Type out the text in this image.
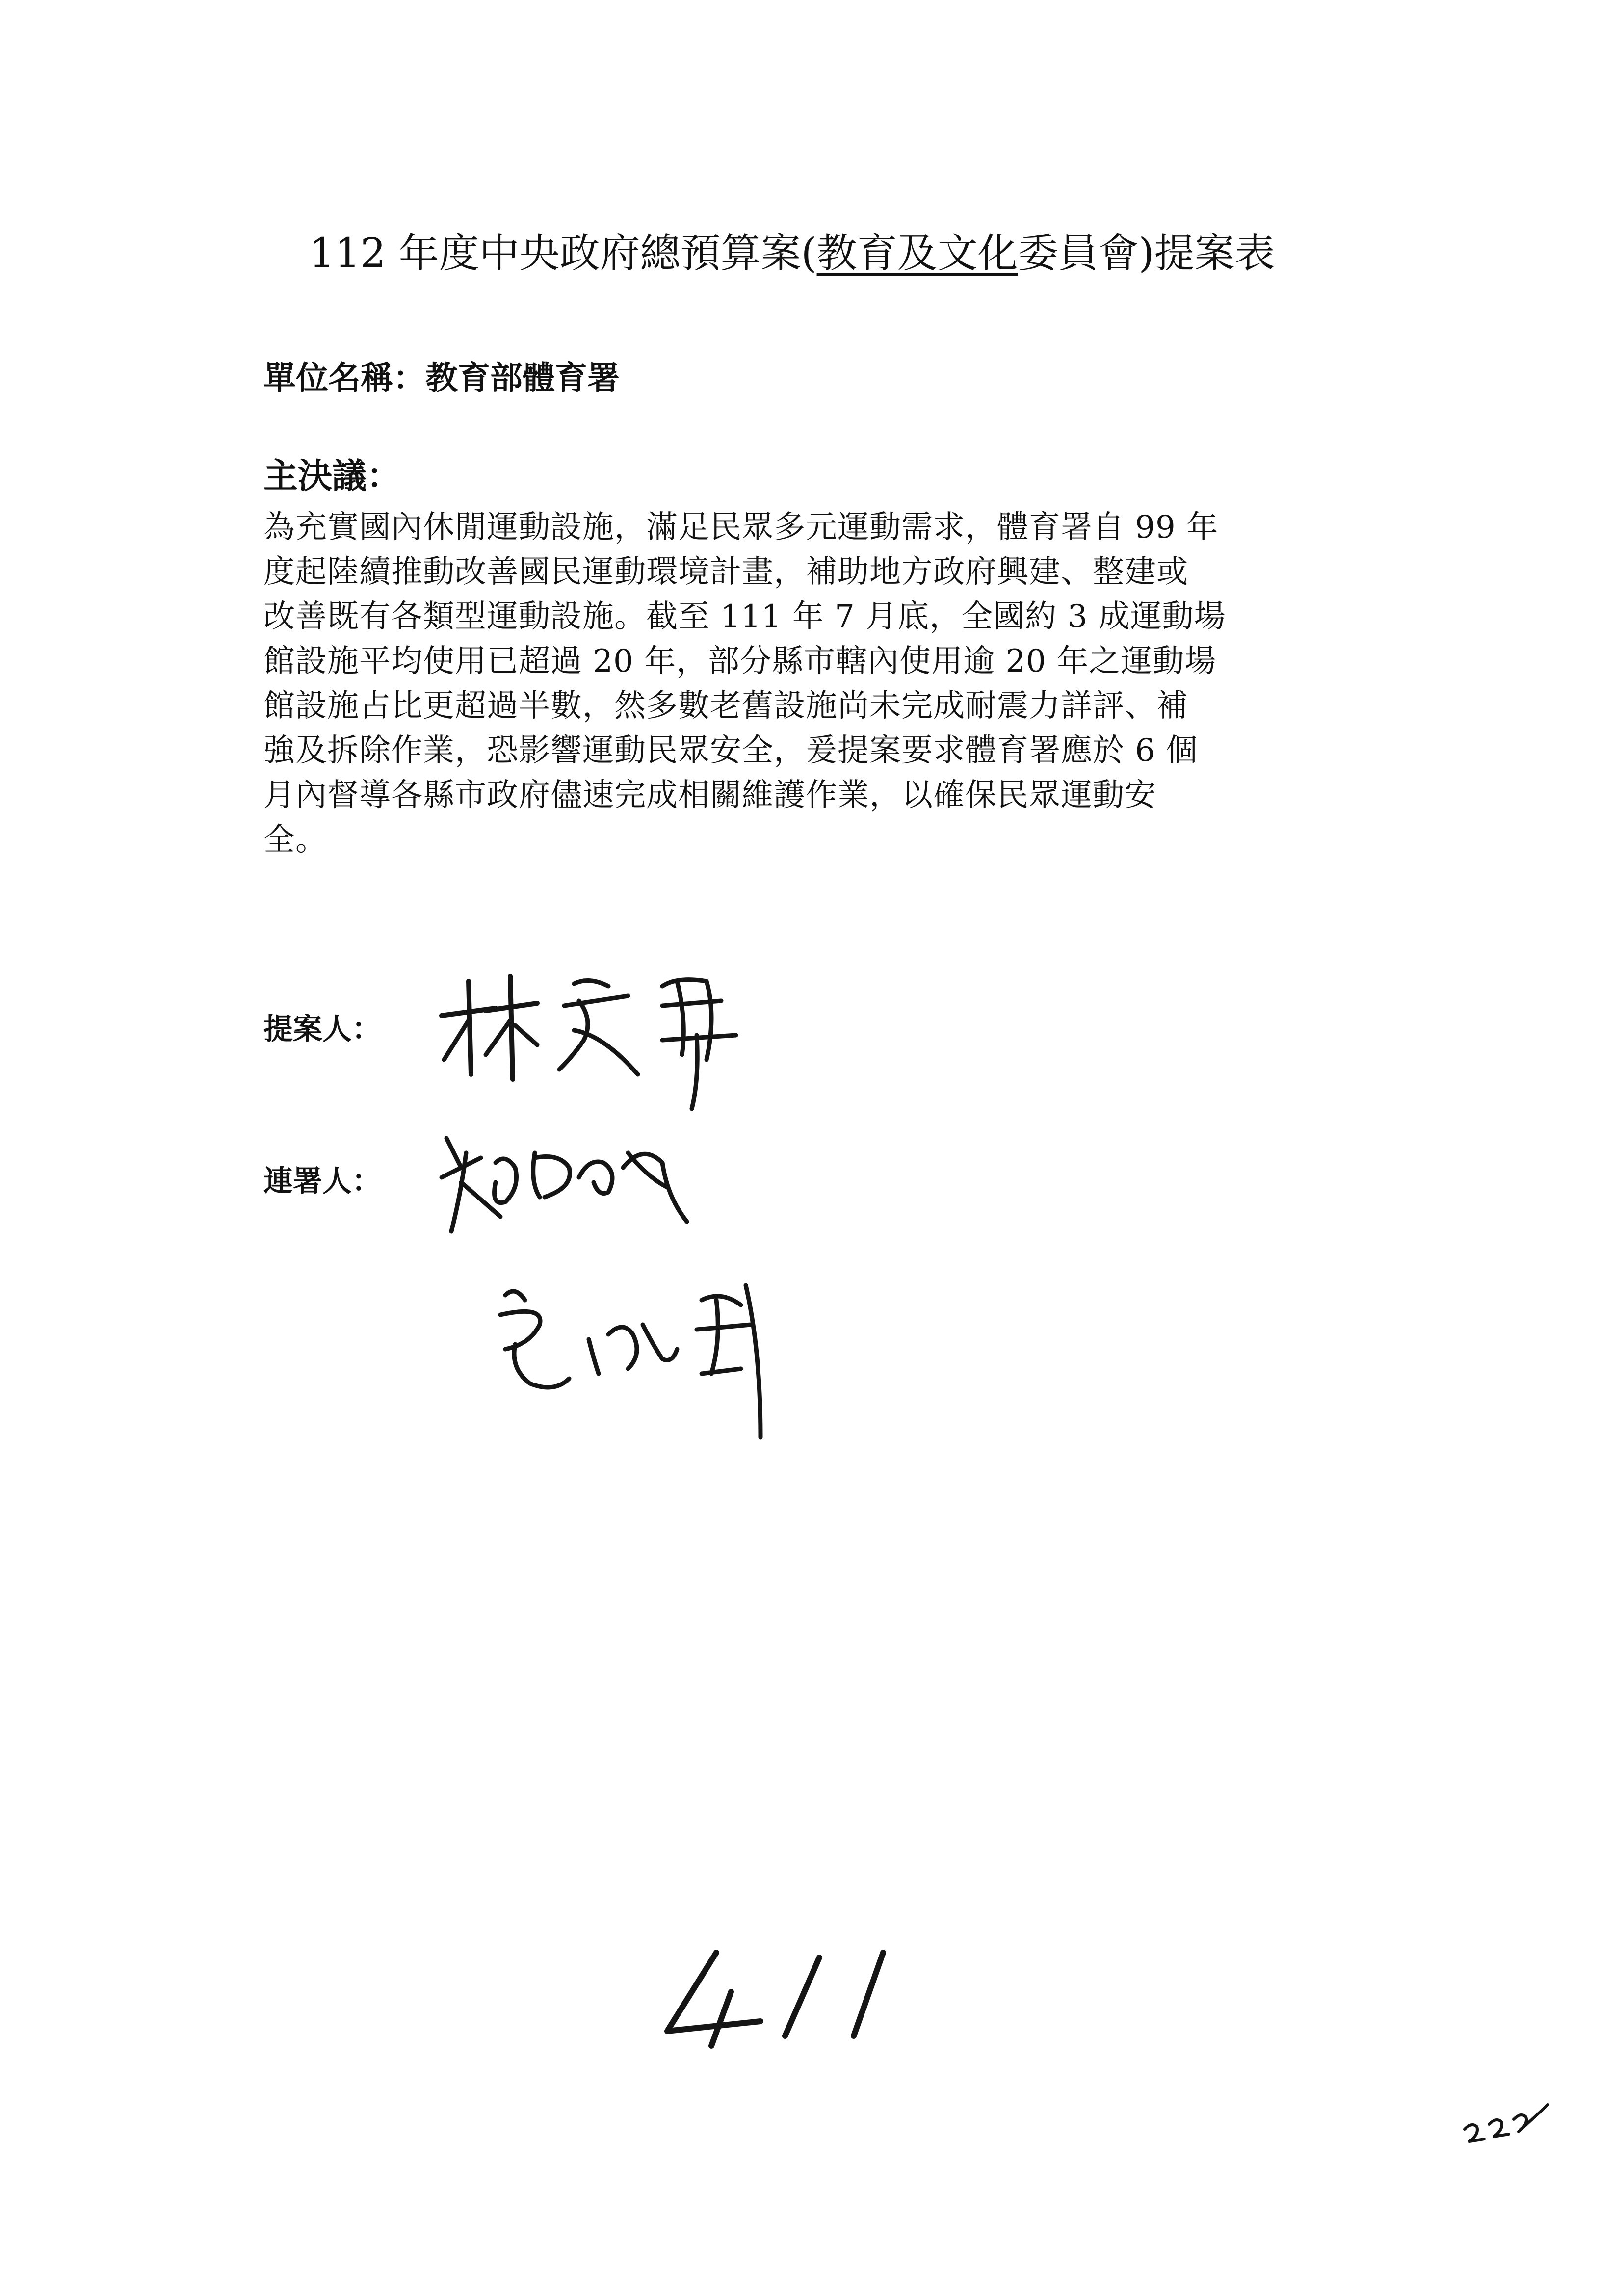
112 年度中央政府總預算案(教育及文化委員會)提案表
單位名稱：教育部體育署
主決議：
為充實國內休閒運動設施，滿足民眾多元運動需求，體育署自 99 年
度起陸續推動改善國民運動環境計畫，補助地方政府興建、整建或
改善既有各類型運動設施。截至 111 年 7 月底，全國約 3 成運動場
館設施平均使用已超過 20 年，部分縣市轄內使用逾 20 年之運動場
館設施占比更超過半數，然多數老舊設施尚未完成耐震力詳評、補
強及拆除作業，恐影響運動民眾安全，爰提案要求體育署應於 6 個
月內督導各縣市政府儘速完成相關維護作業，以確保民眾運動安
全。
提案人：
連署人：
